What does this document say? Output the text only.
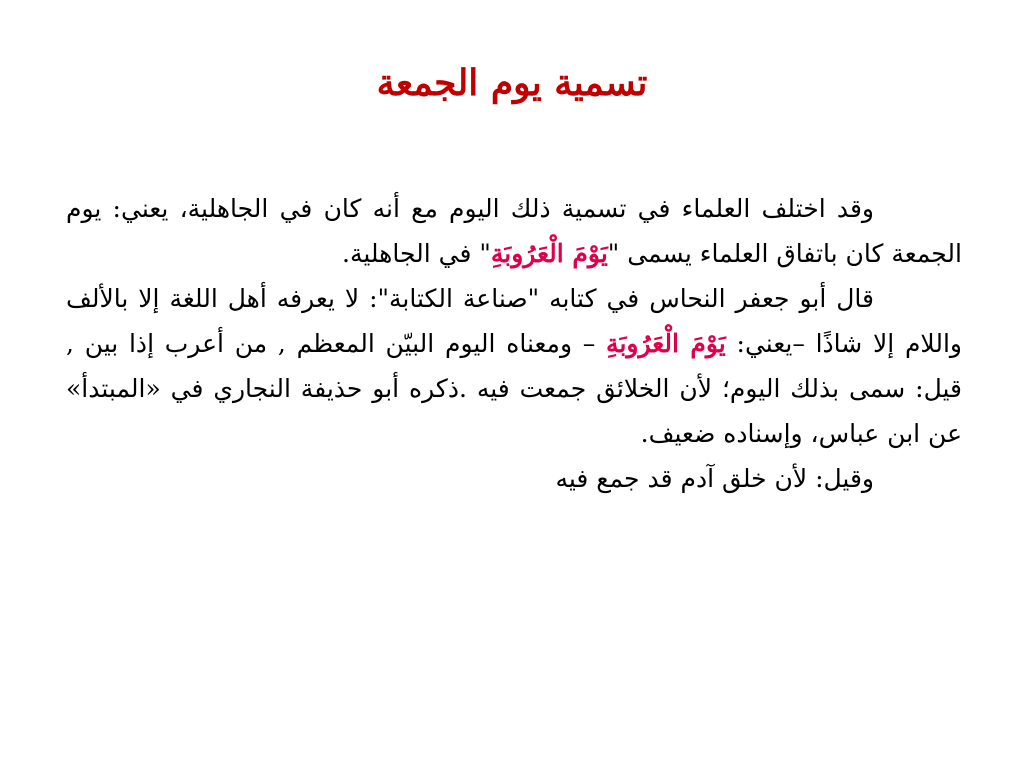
تسمية يوم الجمعة

وقد اختلف العلماء في تسمية ذلك اليوم مع أنه كان في الجاهلية، يعني: يوم الجمعة كان باتفاق العلماء يسمى "يَوْمَ الْعَرُوبَةِ" في الجاهلية.

قال أبو جعفر النحاس في كتابه "صناعة الكتابة": لا يعرفه أهل اللغة إلا بالألف واللام إلا شاذًا –يعني: يَوْمَ الْعَرُوبَةِ – ومعناه اليوم البيّن المعظم , من أعرب إذا بين , قيل: سمى بذلك اليوم؛ لأن الخلائق جمعت فيه .ذكره أبو حذيفة النجاري في «المبتدأ» عن ابن عباس، وإسناده ضعيف.

وقيل: لأن خلق آدم قد جمع فيه
